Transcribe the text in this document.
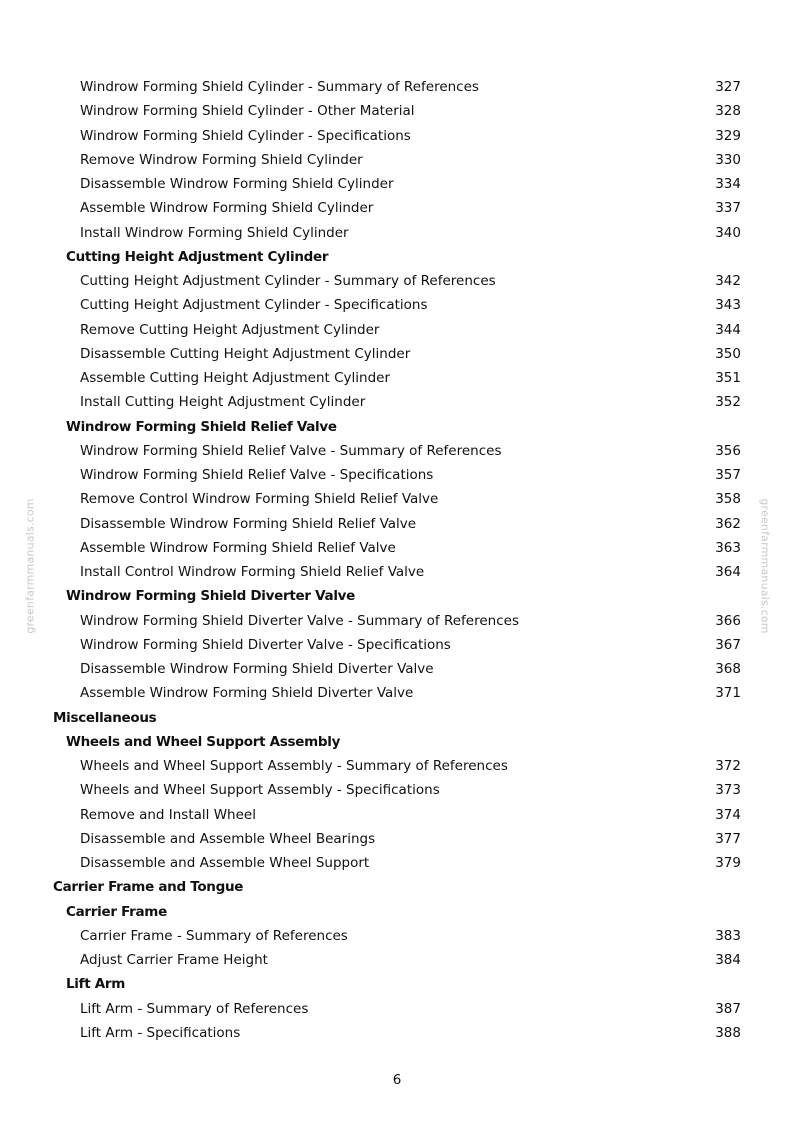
Windrow Forming Shield Cylinder - Summary of References	327
Windrow Forming Shield Cylinder - Other Material	328
Windrow Forming Shield Cylinder - Specifications	329
Remove Windrow Forming Shield Cylinder	330
Disassemble Windrow Forming Shield Cylinder	334
Assemble Windrow Forming Shield Cylinder	337
Install Windrow Forming Shield Cylinder	340
Cutting Height Adjustment Cylinder
Cutting Height Adjustment Cylinder - Summary of References	342
Cutting Height Adjustment Cylinder - Specifications	343
Remove Cutting Height Adjustment Cylinder	344
Disassemble Cutting Height Adjustment Cylinder	350
Assemble Cutting Height Adjustment Cylinder	351
Install Cutting Height Adjustment Cylinder	352
Windrow Forming Shield Relief Valve
Windrow Forming Shield Relief Valve - Summary of References	356
Windrow Forming Shield Relief Valve - Specifications	357
Remove Control Windrow Forming Shield Relief Valve	358
Disassemble Windrow Forming Shield Relief Valve	362
Assemble Windrow Forming Shield Relief Valve	363
Install Control Windrow Forming Shield Relief Valve	364
Windrow Forming Shield Diverter Valve
Windrow Forming Shield Diverter Valve - Summary of References	366
Windrow Forming Shield Diverter Valve - Specifications	367
Disassemble Windrow Forming Shield Diverter Valve	368
Assemble Windrow Forming Shield Diverter Valve	371
Miscellaneous
Wheels and Wheel Support Assembly
Wheels and Wheel Support Assembly - Summary of References	372
Wheels and Wheel Support Assembly - Specifications	373
Remove and Install Wheel	374
Disassemble and Assemble Wheel Bearings	377
Disassemble and Assemble Wheel Support	379
Carrier Frame and Tongue
Carrier Frame
Carrier Frame - Summary of References	383
Adjust Carrier Frame Height	384
Lift Arm
Lift Arm - Summary of References	387
Lift Arm - Specifications	388
6
greenfarmmanuals.com	greenfarmmanuals.com
